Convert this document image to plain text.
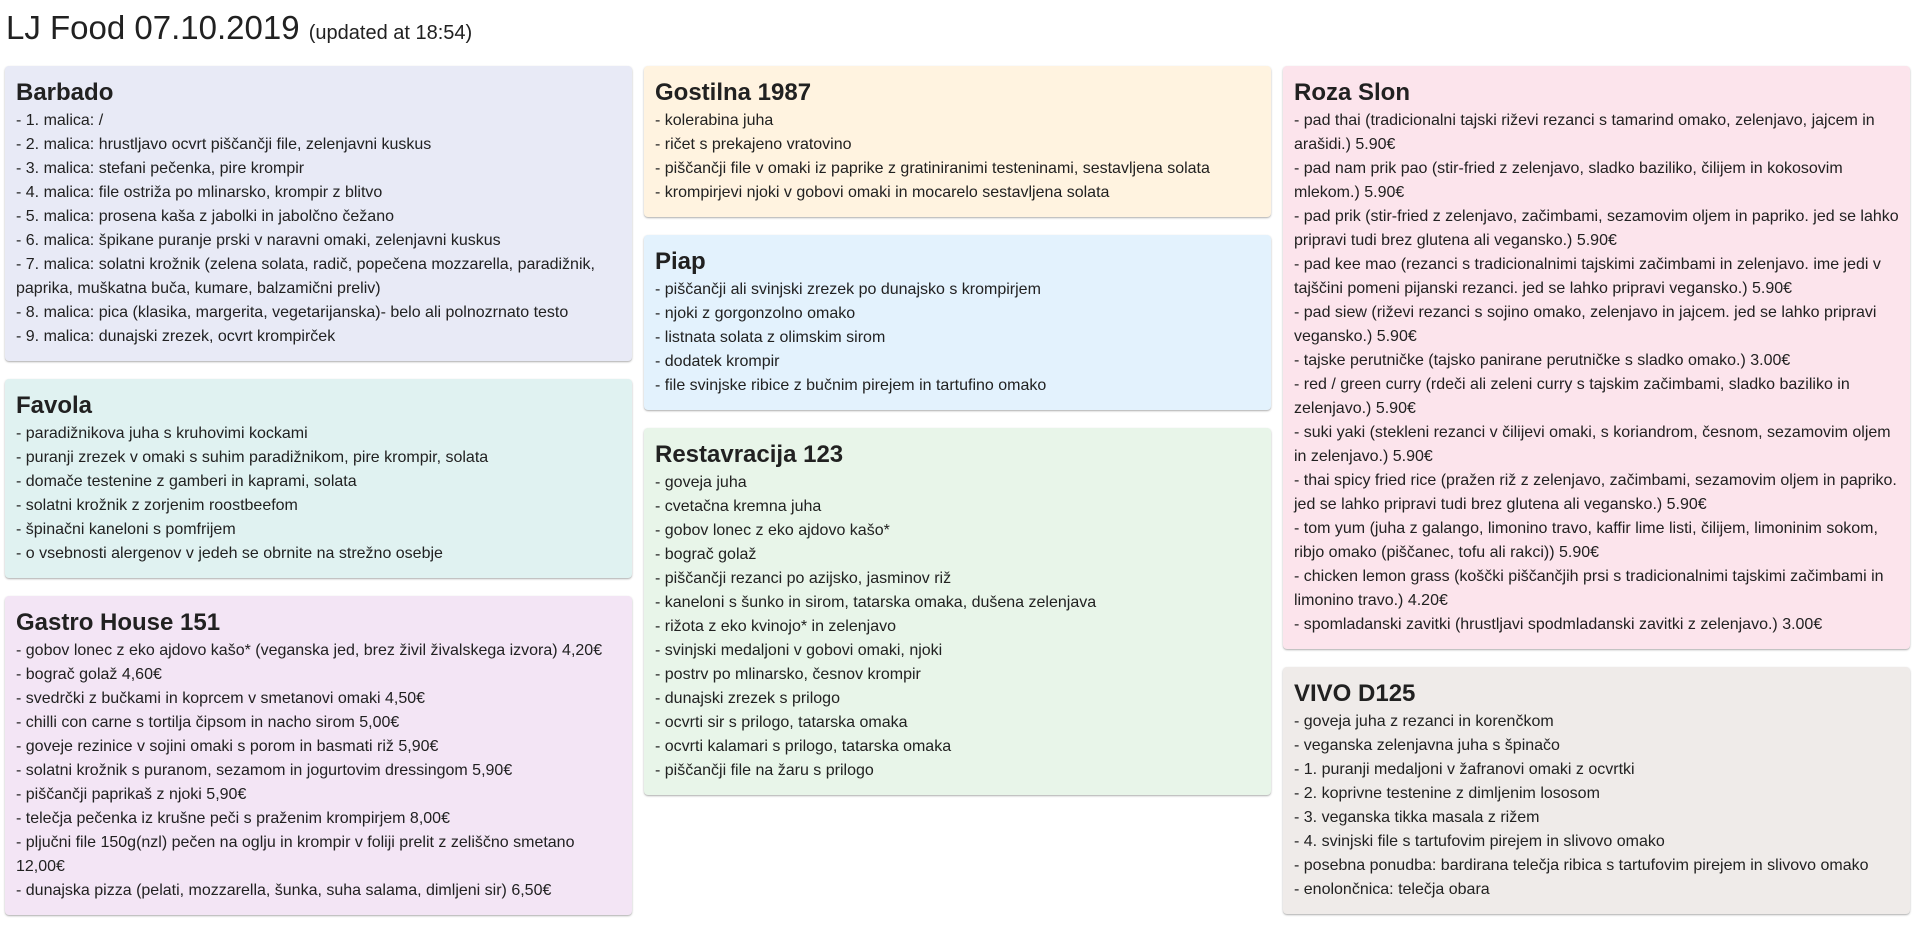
LJ Food 07.10.2019 (updated at 18:54)
Barbado
- 1. malica: /
- 2. malica: hrustljavo ocvrt piščančji file, zelenjavni kuskus
- 3. malica: stefani pečenka, pire krompir
- 4. malica: file ostriža po mlinarsko, krompir z blitvo
- 5. malica: prosena kaša z jabolki in jabolčno čežano
- 6. malica: špikane puranje prski v naravni omaki, zelenjavni kuskus
- 7. malica: solatni krožnik (zelena solata, radič, popečena mozzarella, paradižnik, paprika, muškatna buča, kumare, balzamični preliv)
- 8. malica: pica (klasika, margerita, vegetarijanska)- belo ali polnozrnato testo
- 9. malica: dunajski zrezek, ocvrt krompirček
Favola
- paradižnikova juha s kruhovimi kockami
- puranji zrezek v omaki s suhim paradižnikom, pire krompir, solata
- domače testenine z gamberi in kaprami, solata
- solatni krožnik z zorjenim roostbeefom
- špinačni kaneloni s pomfrijem
- o vsebnosti alergenov v jedeh se obrnite na strežno osebje
Gastro House 151
- gobov lonec z eko ajdovo kašo* (veganska jed, brez živil živalskega izvora) 4,20€
- bograč golaž 4,60€
- svedrčki z bučkami in koprcem v smetanovi omaki 4,50€
- chilli con carne s tortilja čipsom in nacho sirom 5,00€
- goveje rezinice v sojini omaki s porom in basmati riž 5,90€
- solatni krožnik s puranom, sezamom in jogurtovim dressingom 5,90€
- piščančji paprikaš z njoki 5,90€
- telečja pečenka iz krušne peči s praženim krompirjem 8,00€
- pljučni file 150g(nzl) pečen na oglju in krompir v foliji prelit z zeliščno smetano 12,00€
- dunajska pizza (pelati, mozzarella, šunka, suha salama, dimljeni sir) 6,50€
Gostilna 1987
- kolerabina juha
- ričet s prekajeno vratovino
- piščančji file v omaki iz paprike z gratiniranimi testeninami, sestavljena solata
- krompirjevi njoki v gobovi omaki in mocarelo sestavljena solata
Piap
- piščančji ali svinjski zrezek po dunajsko s krompirjem
- njoki z gorgonzolno omako
- listnata solata z olimskim sirom
- dodatek krompir
- file svinjske ribice z bučnim pirejem in tartufino omako
Restavracija 123
- goveja juha
- cvetačna kremna juha
- gobov lonec z eko ajdovo kašo*
- bograč golaž
- piščančji rezanci po azijsko, jasminov riž
- kaneloni s šunko in sirom, tatarska omaka, dušena zelenjava
- rižota z eko kvinojo* in zelenjavo
- svinjski medaljoni v gobovi omaki, njoki
- postrv po mlinarsko, česnov krompir
- dunajski zrezek s prilogo
- ocvrti sir s prilogo, tatarska omaka
- ocvrti kalamari s prilogo, tatarska omaka
- piščančji file na žaru s prilogo
Roza Slon
- pad thai (tradicionalni tajski riževi rezanci s tamarind omako, zelenjavo, jajcem in arašidi.) 5.90€
- pad nam prik pao (stir-fried z zelenjavo, sladko baziliko, čilijem in kokosovim mlekom.) 5.90€
- pad prik (stir-fried z zelenjavo, začimbami, sezamovim oljem in papriko. jed se lahko pripravi tudi brez glutena ali vegansko.) 5.90€
- pad kee mao (rezanci s tradicionalnimi tajskimi začimbami in zelenjavo. ime jedi v tajščini pomeni pijanski rezanci. jed se lahko pripravi vegansko.) 5.90€
- pad siew (riževi rezanci s sojino omako, zelenjavo in jajcem. jed se lahko pripravi vegansko.) 5.90€
- tajske perutničke (tajsko panirane perutničke s sladko omako.) 3.00€
- red / green curry (rdeči ali zeleni curry s tajskim začimbami, sladko baziliko in zelenjavo.) 5.90€
- suki yaki (stekleni rezanci v čilijevi omaki, s koriandrom, česnom, sezamovim oljem in zelenjavo.) 5.90€
- thai spicy fried rice (pražen riž z zelenjavo, začimbami, sezamovim oljem in papriko. jed se lahko pripravi tudi brez glutena ali vegansko.) 5.90€
- tom yum (juha z galango, limonino travo, kaffir lime listi, čilijem, limoninim sokom, ribjo omako (piščanec, tofu ali rakci)) 5.90€
- chicken lemon grass (koščki piščančjih prsi s tradicionalnimi tajskimi začimbami in limonino travo.) 4.20€
- spomladanski zavitki (hrustljavi spodmladanski zavitki z zelenjavo.) 3.00€
VIVO D125
- goveja juha z rezanci in korenčkom
- veganska zelenjavna juha s špinačo
- 1. puranji medaljoni v žafranovi omaki z ocvrtki
- 2. koprivne testenine z dimljenim lososom
- 3. veganska tikka masala z rižem
- 4. svinjski file s tartufovim pirejem in slivovo omako
- posebna ponudba: bardirana telečja ribica s tartufovim pirejem in slivovo omako
- enolončnica: telečja obara
